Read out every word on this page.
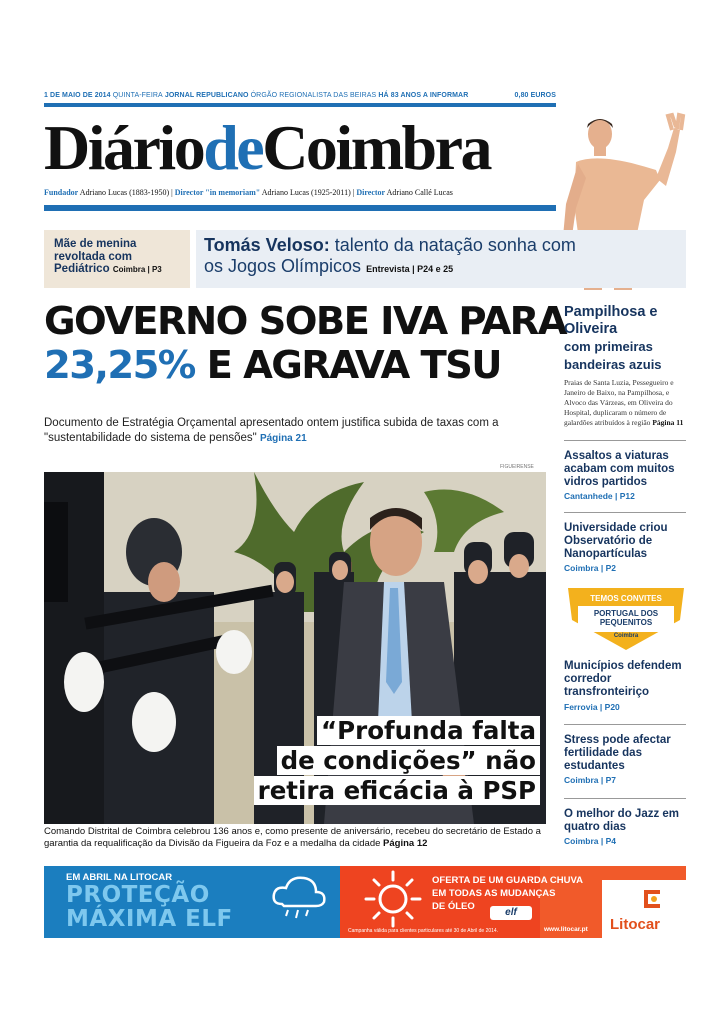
1 DE MAIO DE 2014 QUINTA-FEIRA JORNAL REPUBLICANO ÓRGÃO REGIONALISTA DAS BEIRAS HÁ 83 ANOS A INFORMAR	0,80 EUROS
DiáriodeCoimbra
Fundador Adriano Lucas (1883-1950) | Director "in memoriam" Adriano Lucas (1925-2011) | Director Adriano Callé Lucas
Mãe de menina revoltada com Pediátrico Coimbra | P3
Tomás Veloso: talento da natação sonha com os Jogos Olímpicos Entrevista | P24 e 25
GOVERNO SOBE IVA PARA
23,25% E AGRAVA TSU
Documento de Estratégia Orçamental apresentado ontem justifica subida de taxas com a "sustentabilidade do sistema de pensões" Página 21
FIGUEIRENSE
“Profunda falta
de condições” não
retira eficácia à PSP
Comando Distrital de Coimbra celebrou 136 anos e, como presente de aniversário, recebeu do secretário de Estado a garantia da requalificação da Divisão da Figueira da Foz e a medalha da cidade Página 12
Pampilhosa e Oliveira
com primeiras bandeiras azuis
Praias de Santa Luzia, Pessegueiro e Janeiro de Baixo, na Pampilhosa, e Alvoco das Várzeas, em Oliveira do Hospital, duplicaram o número de galardões atribuídos à região Página 11
Assaltos a viaturas acabam com muitos vidros partidos
Cantanhede | P12
Universidade criou Observatório de Nanopartículas
Coimbra | P2
TEMOS CONVITES
PORTUGAL DOS
PEQUENITOS
Coimbra
Municípios defendem corredor transfronteiriço
Ferrovia | P20
Stress pode afectar fertilidade das estudantes
Coimbra | P7
O melhor do Jazz em quatro dias
Coimbra | P4
EM ABRIL NA LITOCAR
PROTEÇÃO
MÁXIMA ELF
OFERTA DE UM GUARDA CHUVA
EM TODAS AS MUDANÇAS
DE ÓLEO
elf
Campanha válida para clientes particulares até 30 de Abril de 2014.	www.litocar.pt Litocar
